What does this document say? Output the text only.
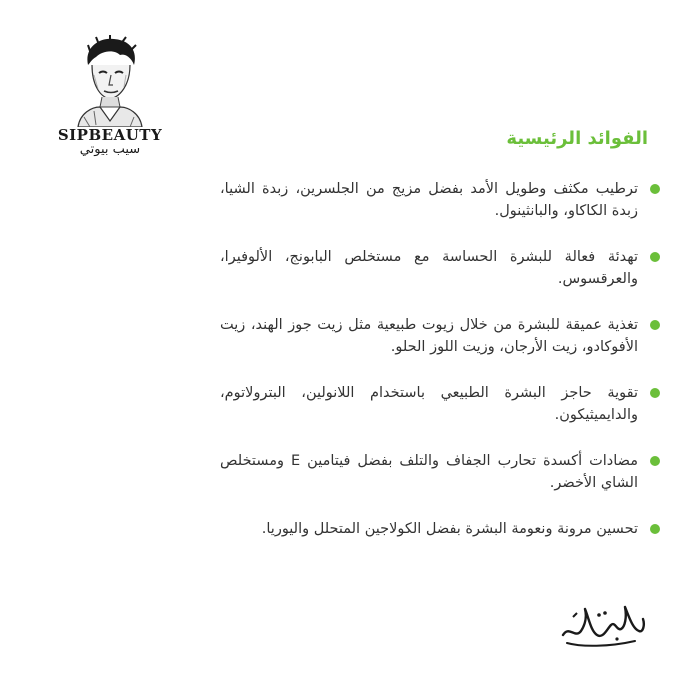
SIPBEAUTY
سيب بيوتي
الفوائد الرئيسية
ترطيب مكثف وطويل الأمد بفضل مزيج من الجلسرين، زبدة الشيا، زبدة الكاكاو، والبانثينول.
تهدئة فعالة للبشرة الحساسة مع مستخلص البابونج، الألوفيرا، والعرقسوس.
تغذية عميقة للبشرة من خلال زيوت طبيعية مثل زيت جوز الهند، زيت الأفوكادو، زيت الأرجان، وزيت اللوز الحلو.
تقوية حاجز البشرة الطبيعي باستخدام اللانولين، البترولاتوم، والدايميثيكون.
مضادات أكسدة تحارب الجفاف والتلف بفضل فيتامين E ومستخلص الشاي الأخضر.
تحسين مرونة ونعومة البشرة بفضل الكولاجين المتحلل واليوريا.
